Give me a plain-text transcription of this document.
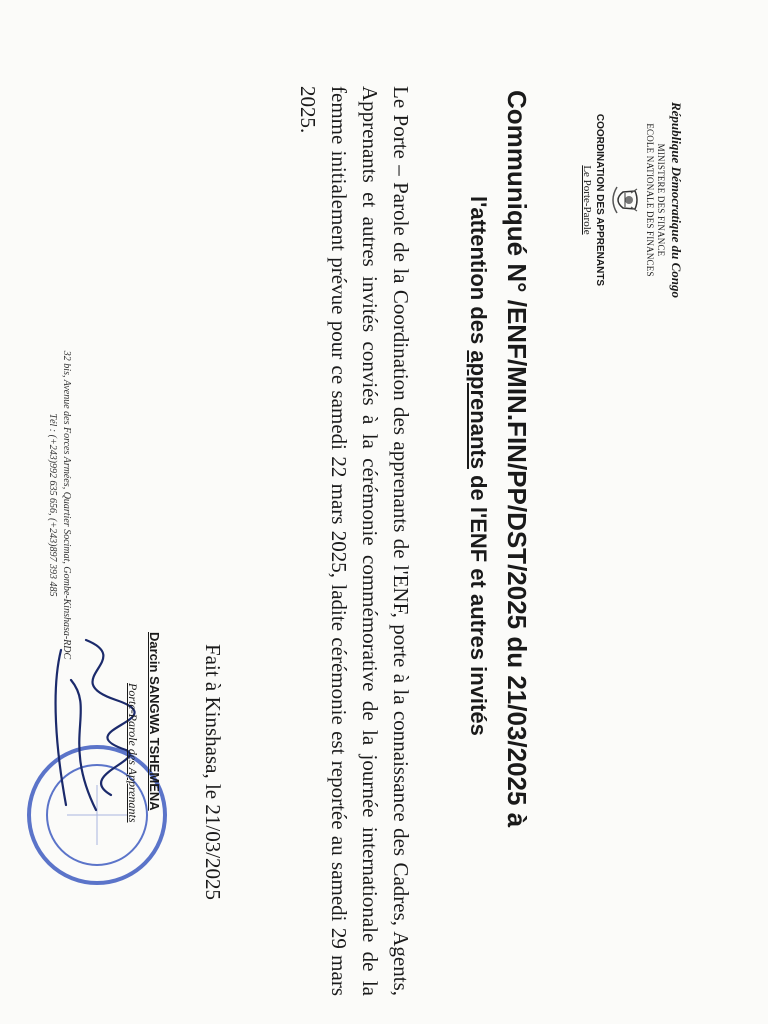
République Démocratique du Congo
MINISTERE DES FINANCE
ECOLE NATIONALE DES FINANCES
COORDINATION DES APPRENANTS
Le Porte-Parole
Communiqué N° /ENF/MIN.FIN/PP/DST/2025 du 21/03/2025 à
l'attention des apprenants de l'ENF et autres invités
Le Porte – Parole de la Coordination des apprenants de l'ENF, porte à la connaissance des Cadres, Agents, Apprenants et autres invités conviés à la cérémonie commémorative de la journée internationale de la femme initialement prévue pour ce samedi 22 mars 2025, ladite cérémonie est reportée au samedi 29 mars 2025.
Fait à Kinshasa, le 21/03/2025
Darcin SANGWA TSHEMENA
Porte-Parole des Apprenants
32 bis, Avenue des Forces Armées, Quartier Socimat, Gombe-Kinshasa-RDC
Tél : (+243)992 635 656, (+243)897 393 485
